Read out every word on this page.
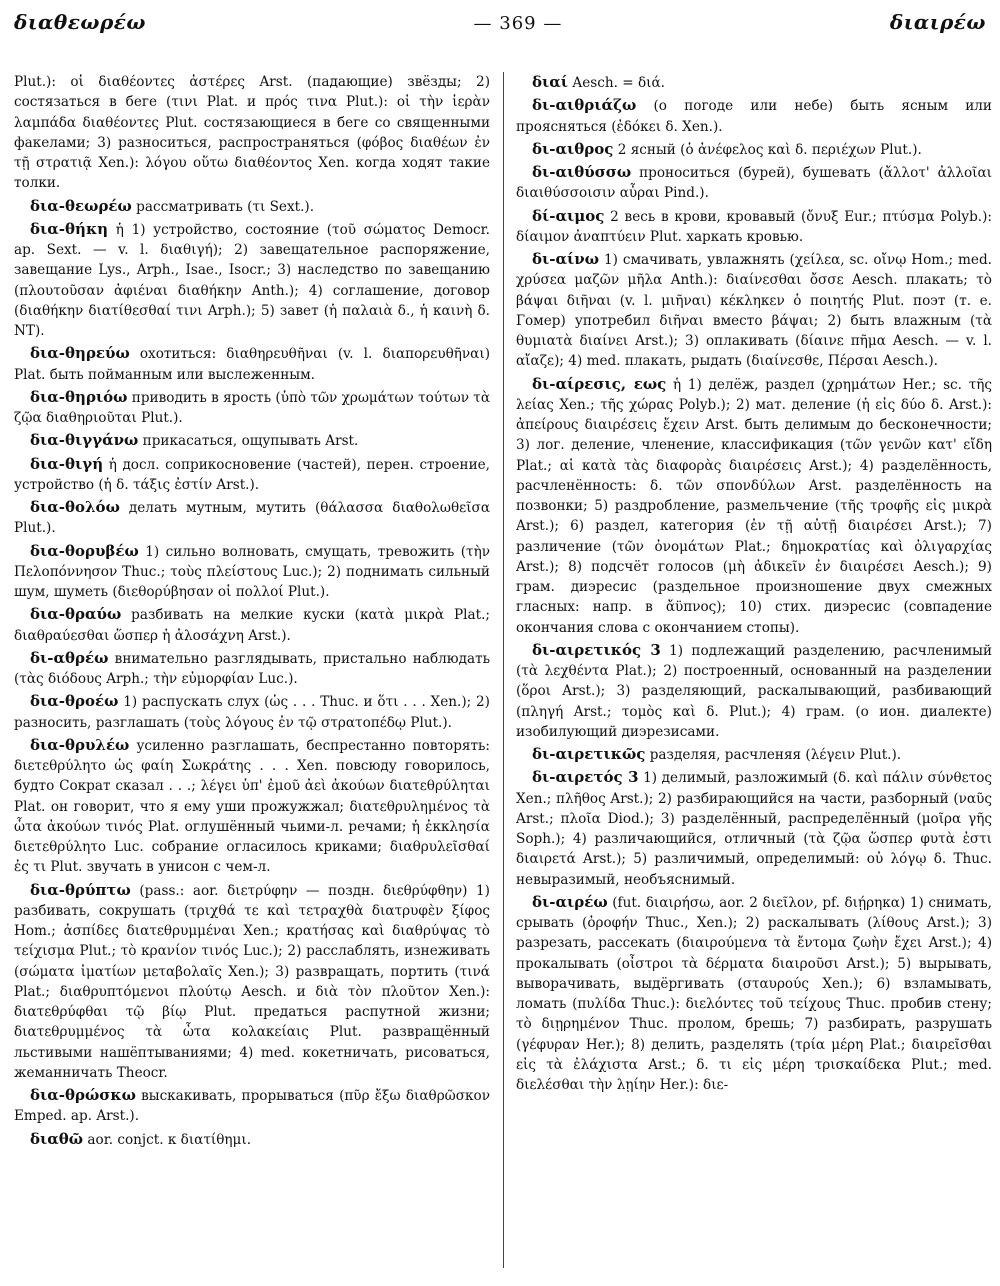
διαθεωρέω	— 369 —	διαιρέω

Plut.): οἱ διαθέοντες ἀστέρες Arst. (падающие) звёзды; 2) состязаться в беге (τινι Plat. и πρός τινα Plut.): οἱ τὴν ἱερὰν λαμπάδα διαθέοντες Plut. состязающиеся в беге со священными факелами; 3) разноситься, распространяться (φόβος διαθέων ἐν τῇ στρατιᾷ Xen.): λόγου οὕτω διαθέοντος Xen. когда ходят такие толки.

δια-θεωρέω рассматривать (τι Sext.).

δια-θήκη ἡ 1) устройство, состояние (τοῦ σώματος Democr. ap. Sext. — v. l. διαθιγή); 2) завещательное распоряжение, завещание Lys., Arph., Isae., Isocr.; 3) наследство по завещанию (πλουτοῦσαν ἀφιέναι διαθήκην Anth.); 4) соглашение, договор (διαθήκην διατίθεσθαί τινι Arph.); 5) завет (ἡ παλαιὰ δ., ἡ καινὴ δ. NT).

δια-θηρεύω охотиться: διαθηρευθῆναι (v. l. διαπορευθῆναι) Plat. быть пойманным или выслеженным.

δια-θηριόω приводить в ярость (ὑπὸ τῶν χρωμάτων τούτων τὰ ζῷα διαθηριοῦται Plut.).

δια-θιγγάνω прикасаться, ощупывать Arst.

δια-θιγή ἡ досл. соприкосновение (частей), перен. строение, устройство (ἡ δ. τάξις ἐστίν Arst.).

δια-θολόω делать мутным, мутить (θάλασσα διαθολωθεῖσα Plut.).

δια-θορυβέω 1) сильно волновать, смущать, тревожить (τὴν Πελοπόννησον Thuc.; τοὺς πλείστους Luc.); 2) поднимать сильный шум, шуметь (διεθορύβησαν οἱ πολλοί Plut.).

δια-θραύω разбивать на мелкие куски (κατὰ μικρὰ Plat.; διαθραύεσθαι ὥσπερ ἡ ἁλοσάχνη Arst.).

δι-αθρέω внимательно разглядывать, пристально наблюдать (τὰς διόδους Arph.; τὴν εὐμορφίαν Luc.).

δια-θροέω 1) распускать слух (ὡς . . . Thuc. и ὅτι . . . Xen.); 2) разносить, разглашать (τοὺς λόγους ἐν τῷ στρατοπέδῳ Plut.).

δια-θρυλέω усиленно разглашать, беспрестанно повторять: διετεθρύλητο ὡς φαίη Σωκράτης . . . Xen. повсюду говорилось, будто Сократ сказал . . .; λέγει ὑπ' ἐμοῦ ἀεὶ ἀκούων διατεθρύληται Plat. он говорит, что я ему уши прожужжал; διατεθρυλημένος τὰ ὦτα ἀκούων τινός Plat. оглушённый чьими-л. речами; ἡ ἐκκλησία διετεθρύλητο Luc. собрание огласилось криками; διαθρυλεῖσθαί ἐς τι Plut. звучать в унисон с чем-л.

δια-θρύπτω (pass.: aor. διετρύφην — поздн. διεθρύφθην) 1) разбивать, сокрушать (τριχθά τε καὶ τετραχθὰ διατρυφὲν ξίφος Hom.; ἀσπίδες διατεθρυμμέναι Xen.; κρατήσας καὶ διαθρύψας τὸ τείχισμα Plut.; τὸ κρανίον τινός Luc.); 2) расслаблять, изнеживать (σώματα ἱματίων μεταβολαῖς Xen.); 3) развращать, портить (τινά Plat.; διαθρυπτόμενοι πλούτῳ Aesch. и διὰ τὸν πλοῦτον Xen.): διατεθρύφθαι τῷ βίῳ Plut. предаться распутной жизни; διατεθρυμμένος τὰ ὦτα κολακείαις Plut. развращённый льстивыми нашёптываниями; 4) med. кокетничать, рисоваться, жеманничать Theocr.

δια-θρώσκω выскакивать, прорываться (πῦρ ἔξω διαθρῶσκον Emped. ap. Arst.).

διαθῶ aor. conjct. к διατίθημι.

διαί Aesch. = διά.

δι-αιθριάζω (о погоде или небе) быть ясным или проясняться (ἐδόκει δ. Xen.).

δι-αιθρος 2 ясный (ὁ ἀνέφελος καὶ δ. περιέχων Plut.).

δι-αιθύσσω проноситься (бурей), бушевать (ἄλλοτ' ἀλλοῖαι διαιθύσσοισιν αὖραι Pind.).

δί-αιμος 2 весь в крови, кровавый (ὄνυξ Eur.; πτύσμα Polyb.): δίαιμον ἀναπτύειν Plut. харкать кровью.

δι-αίνω 1) смачивать, увлажнять (χείλεα, sc. οἴνῳ Hom.; med. χρύσεα μαζῶν μῆλα Anth.): διαίνεσθαι ὄσσε Aesch. плакать; τὸ βάψαι διῆναι (v. l. μιῆναι) κέκληκεν ὁ ποιητής Plut. поэт (т. е. Гомер) употребил διῆναι вместо βάψαι; 2) быть влажным (τὰ θυμιατὰ διαίνει Arst.); 3) оплакивать (δίαινε πῆμα Aesch. — v. l. αἴαζε); 4) med. плакать, рыдать (διαίνεσθε, Πέρσαι Aesch.).

δι-αίρεσις, εως ἡ 1) делёж, раздел (χρημάτων Her.; sc. τῆς λείας Xen.; τῆς χώρας Polyb.); 2) мат. деление (ἡ εἰς δύο δ. Arst.): ἀπείρους διαιρέσεις ἔχειν Arst. быть делимым до бесконечности; 3) лог. деление, членение, классификация (τῶν γενῶν κατ' εἴδη Plat.; αἱ κατὰ τὰς διαφορὰς διαιρέσεις Arst.); 4) разделённость, расчленённость: δ. τῶν σπονδύλων Arst. разделённость на позвонки; 5) раздробление, размельчение (τῆς τροφῆς εἰς μικρὰ Arst.); 6) раздел, категория (ἐν τῇ αὐτῇ διαιρέσει Arst.); 7) различение (τῶν ὀνομάτων Plat.; δημοκρατίας καὶ ὀλιγαρχίας Arst.); 8) подсчёт голосов (μὴ ἀδικεῖν ἐν διαιρέσει Aesch.); 9) грам. диэресис (раздельное произношение двух смежных гласных: напр. в ἄϋπνος); 10) стих. диэресис (совпадение окончания слова с окончанием стопы).

δι-αιρετικός 3 1) подлежащий разделению, расчленимый (τὰ λεχθέντα Plat.); 2) построенный, основанный на разделении (ὅροι Arst.); 3) разделяющий, раскалывающий, разбивающий (πληγή Arst.; τομὸς καὶ δ. Plut.); 4) грам. (о ион. диалекте) изобилующий диэрезисами.

δι-αιρετικῶς разделяя, расчленяя (λέγειν Plut.).

δι-αιρετός 3 1) делимый, разложимый (δ. καὶ πάλιν σύνθετος Xen.; πλῆθος Arst.); 2) разбирающийся на части, разборный (ναῦς Arst.; πλοῖα Diod.); 3) разделённый, распределённый (μοῖρα γῆς Soph.); 4) различающийся, отличный (τὰ ζῷα ὥσπερ φυτὰ ἐστι διαιρετά Arst.); 5) различимый, определимый: οὐ λόγῳ δ. Thuc. невыразимый, необъяснимый.

δι-αιρέω (fut. διαιρήσω, aor. 2 διεῖλον, pf. διῄρηκα) 1) снимать, срывать (ὀροφήν Thuc., Xen.); 2) раскалывать (λίθους Arst.); 3) разрезать, рассекать (διαιρούμενα τὰ ἔντομα ζωὴν ἔχει Arst.); 4) прокалывать (οἶστροι τὰ δέρματα διαιροῦσι Arst.); 5) вырывать, выворачивать, выдёргивать (σταυρούς Xen.); 6) взламывать, ломать (πυλίδα Thuc.): διελόντες τοῦ τείχους Thuc. пробив стену; τὸ διῃρημένον Thuc. пролом, брешь; 7) разбирать, разрушать (γέφυραν Her.); 8) делить, разделять (τρία μέρη Plat.; διαιρεῖσθαι εἰς τὰ ἐλάχιστα Arst.; δ. τι εἰς μέρη τρισκαίδεκα Plut.; med. διελέσθαι τὴν λῃίην Her.): διε-
